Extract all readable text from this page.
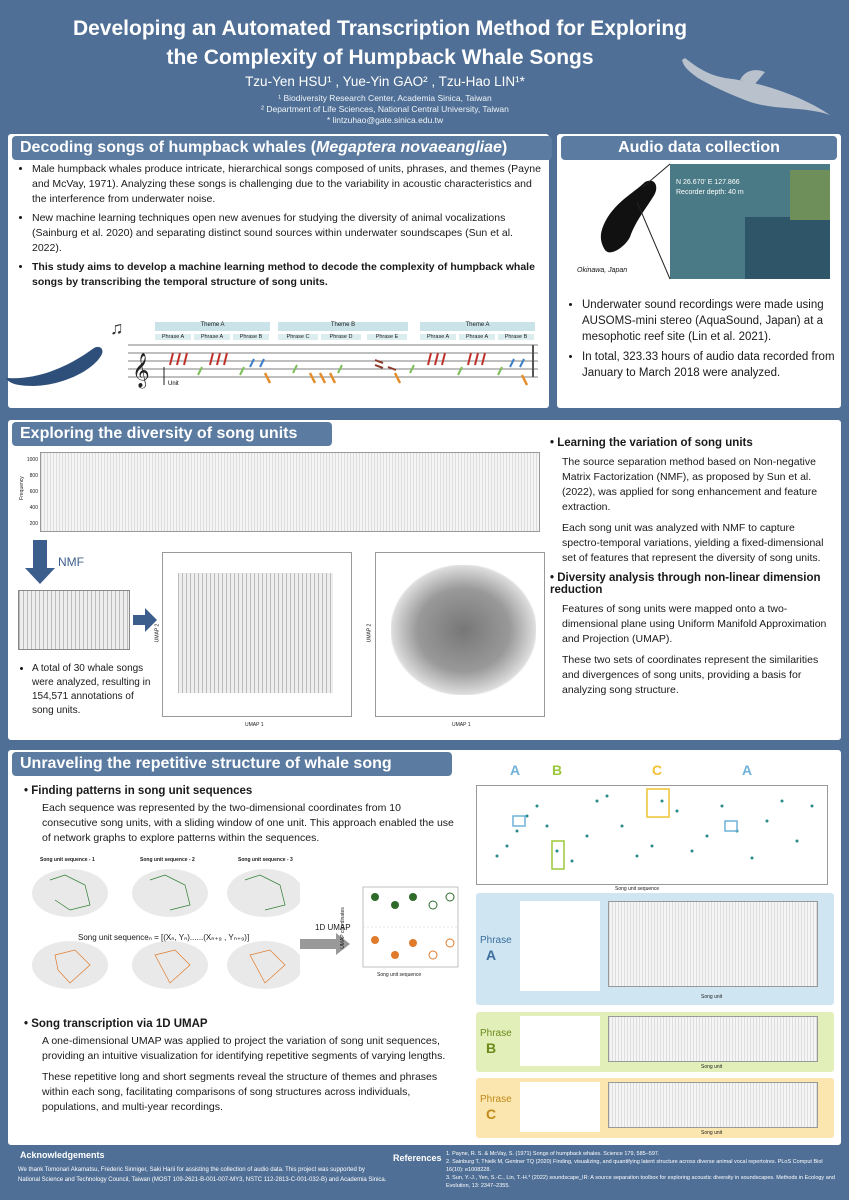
Developing an Automated Transcription Method for Exploring
the Complexity of Humpback Whale Songs
Tzu-Yen HSU¹ , Yue-Yin GAO² , Tzu-Hao LIN¹*
¹ Biodiversity Research Center, Academia Sinica, Taiwan
² Department of Life Sciences, National Central University, Taiwan
* lintzuhao@gate.sinica.edu.tw
Decoding songs of humpback whales (Megaptera novaeangliae)
• Male humpback whales produce intricate, hierarchical songs composed of units, phrases, and themes (Payne and McVay, 1971). Analyzing these songs is challenging due to the variability in acoustic characteristics and the interference from underwater noise.
• New machine learning techniques open new avenues for studying the diversity of animal vocalizations (Sainburg et al. 2020) and separating distinct sound sources within underwater soundscapes (Sun et al. 2022).
• This study aims to develop a machine learning method to decode the complexity of humpback whale songs by transcribing the temporal structure of song units.
♫
𝄞
Theme A	Theme B	Theme A
Phrase A	Phrase A	Phrase B	Phrase C	Phrase D	Phrase E	Phrase A	Phrase A	Phrase B
Unit
Audio data collection
Okinawa, Japan
N 26.670' E 127.866
Recorder depth: 40 m
• Underwater sound recordings were made using AUSOMS-mini stereo (AquaSound, Japan) at a mesophotic reef site (Lin et al. 2021).
• In total, 323.33 hours of audio data recorded from January to March 2018 were analyzed.
Exploring the diversity of song units
1000
800
600
400
200
Frequency
NMF
• A total of 30 whale songs were analyzed, resulting in 154,571 annotations of song units.
UMAP 1
UMAP 2
UMAP 1
UMAP 2
• Learning the variation of song units

The source separation method based on Non-negative Matrix Factorization (NMF), as proposed by Sun et al. (2022), was applied for song enhancement and feature extraction.

Each song unit was analyzed with NMF to capture spectro-temporal variations, yielding a fixed-dimensional set of features that represent the diversity of song units.

• Diversity analysis through non-linear dimension reduction

Features of song units were mapped onto a two-dimensional plane using Uniform Manifold Approximation and Projection (UMAP).

These two sets of coordinates represent the similarities and divergences of song units, providing a basis for analyzing song structure.

Unraveling the repetitive structure of whale song
• Finding patterns in song unit sequences

Each sequence was represented by the two-dimensional coordinates from 10 consecutive song units, with a sliding window of one unit. This approach enabled the use of network graphs to explore patterns within the sequences.

Song unit sequence - 1	Song unit sequence - 2	Song unit sequence - 3
Song unit sequenceₙ = [(Xₙ, Yₙ)......(Xₙ₊₉ , Yₙ₊₉)]
1D UMAP
UMAP coordinates
Song unit sequence
• Song transcription via 1D UMAP

A one-dimensional UMAP was applied to project the variation of song unit sequences, providing an intuitive visualization for identifying repetitive segments of varying lengths.

These repetitive long and short segments reveal the structure of themes and phrases within each song, facilitating comparisons of song structures across individuals, populations, and multi-year recordings.

A B	C	A
Song unit sequence
Phrase
A
Song unit
Phrase
B
Song unit
Phrase
C
Song unit
Acknowledgements
We thank Tomonari Akamatsu, Frederic Sinniger, Saki Harii for assisting the collection of audio data. This project was supported by National Science and Technology Council, Taiwan (MOST 109-2621-B-001-007-MY3, NSTC 112-2813-C-001-032-B) and Academia Sinica.
References 1. Payne, R. S. & McVay, S. (1971) Songs of humpback whales. Science 179, 585–597.
2. Sainburg T, Thielk M, Gentner TQ (2020) Finding, visualizing, and quantifying latent structure across diverse animal vocal repertoires. PLoS Comput Biol 16(10): e1008228.
3. Sun, Y.-J., Yen, S.-C., Lin, T.-H.* (2022) soundscape_IR: A source separation toolbox for exploring acoustic diversity in soundscapes. Methods in Ecology and Evolution, 13: 2347–2355.
